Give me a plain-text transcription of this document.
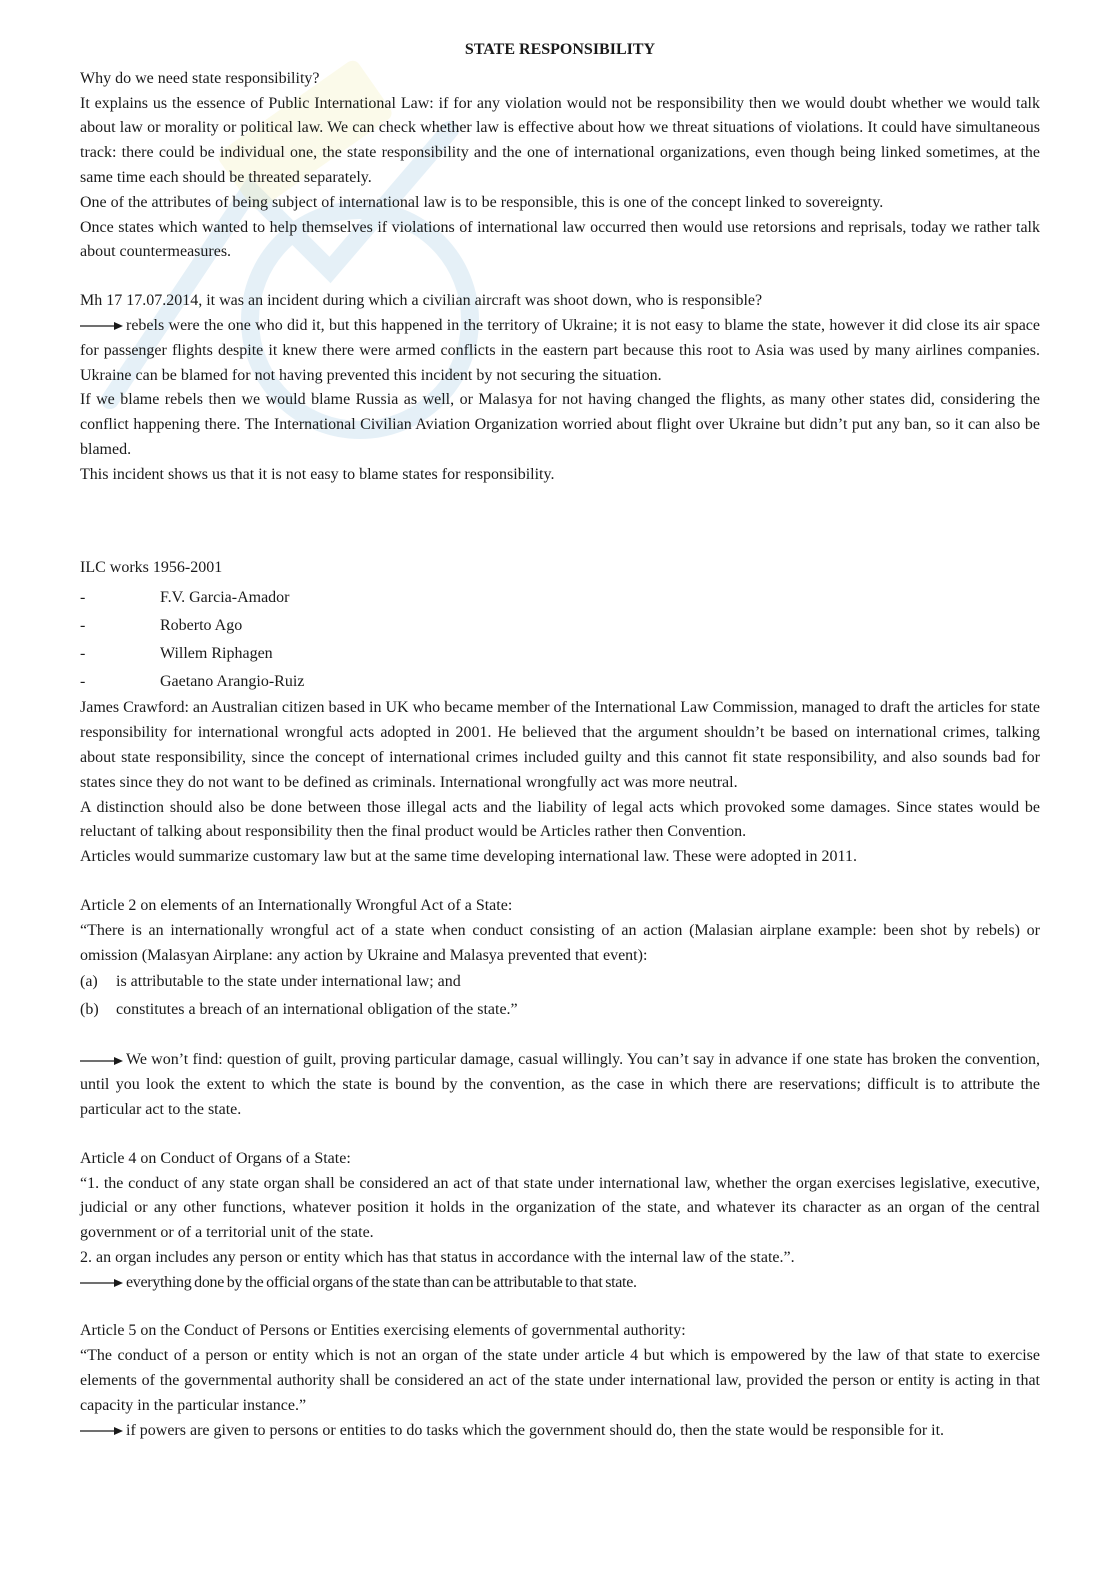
STATE RESPONSIBILITY

Why do we need state responsibility?

It explains us the essence of Public International Law: if for any violation would not be responsibility then we would doubt whether we would talk about law or morality or political law. We can check whether law is effective about how we threat situations of violations. It could have simultaneous track: there could be individual one, the state responsibility and the one of international organizations, even though being linked sometimes, at the same time each should be threated separately.

One of the attributes of being subject of international law is to be responsible, this is one of the concept linked to sovereignty.

Once states which wanted to help themselves if violations of international law occurred then would use retorsions and reprisals, today we rather talk about countermeasures.

Mh 17 17.07.2014, it was an incident during which a civilian aircraft was shoot down, who is responsible?

rebels were the one who did it, but this happened in the territory of Ukraine; it is not easy to blame the state, however it did close its air space for passenger flights despite it knew there were armed conflicts in the eastern part because this root to Asia was used by many airlines companies. Ukraine can be blamed for not having prevented this incident by not securing the situation.

If we blame rebels then we would blame Russia as well, or Malasya for not having changed the flights, as many other states did, considering the conflict happening there. The International Civilian Aviation Organization worried about flight over Ukraine but didn’t put any ban, so it can also be blamed.

This incident shows us that it is not easy to blame states for responsibility.

ILC works 1956-2001

-	F.V. Garcia-Amador
-	Roberto Ago
-	Willem Riphagen
-	Gaetano Arangio-Ruiz

James Crawford: an Australian citizen based in UK who became member of the International Law Commission, managed to draft the articles for state responsibility for international wrongful acts adopted in 2001. He believed that the argument shouldn’t be based on international crimes, talking about state responsibility, since the concept of international crimes included guilty and this cannot fit state responsibility, and also sounds bad for states since they do not want to be defined as criminals. International wrongfully act was more neutral.

A distinction should also be done between those illegal acts and the liability of legal acts which provoked some damages. Since states would be reluctant of talking about responsibility then the final product would be Articles rather then Convention.

Articles would summarize customary law but at the same time developing international law. These were adopted in 2011.

Article 2 on elements of an Internationally Wrongful Act of a State:

“There is an internationally wrongful act of a state when conduct consisting of an action (Malasian airplane example: been shot by rebels) or omission (Malasyan Airplane: any action by Ukraine and Malasya prevented that event):

(a)	is attributable to the state under international law; and
(b)	constitutes a breach of an international obligation of the state.”

We won’t find: question of guilt, proving particular damage, casual willingly. You can’t say in advance if one state has broken the convention, until you look the extent to which the state is bound by the convention, as the case in which there are reservations; difficult is to attribute the particular act to the state.

Article 4 on Conduct of Organs of a State:

“1. the conduct of any state organ shall be considered an act of that state under international law, whether the organ exercises legislative, executive, judicial or any other functions, whatever position it holds in the organization of the state, and whatever its character as an organ of the central government or of a territorial unit of the state.

2. an organ includes any person or entity which has that status in accordance with the internal law of the state.”.

everything done by the official organs of the state than can be attributable to that state.

Article 5 on the Conduct of Persons or Entities exercising elements of governmental authority:

“The conduct of a person or entity which is not an organ of the state under article 4 but which is empowered by the law of that state to exercise elements of the governmental authority shall be considered an act of the state under international law, provided the person or entity is acting in that capacity in the particular instance.”

if powers are given to persons or entities to do tasks which the government should do, then the state would be responsible for it.
